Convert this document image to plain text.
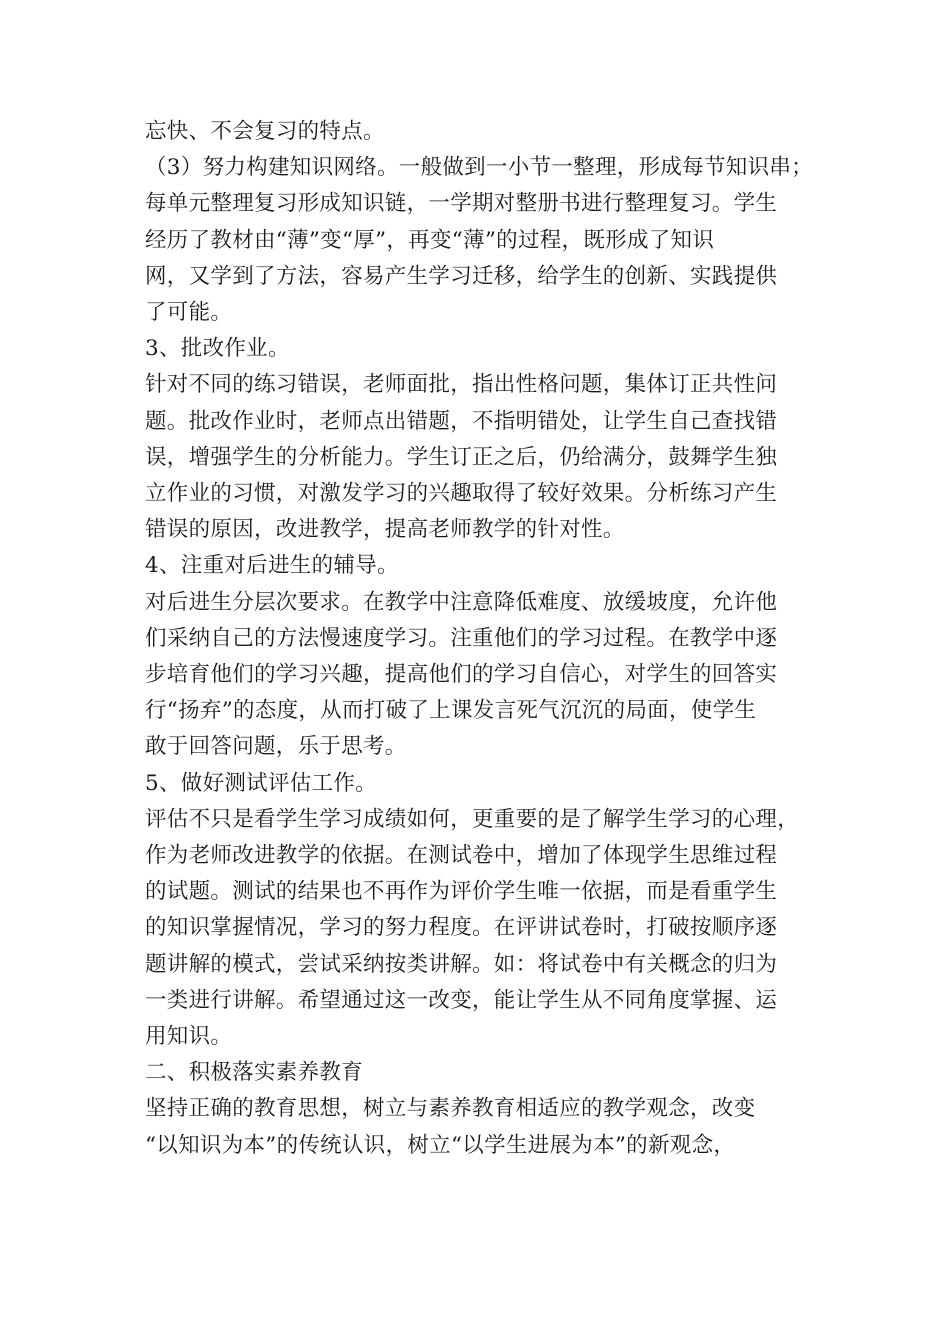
忘快、不会复习的特点。

（3）努力构建知识网络。一般做到一小节一整理，形成每节知识串；

每单元整理复习形成知识链，一学期对整册书进行整理复习。学生

经历了教材由“薄”变“厚”，再变“薄”的过程，既形成了知识

网，又学到了方法，容易产生学习迁移，给学生的创新、实践提供

了可能。

3、批改作业。

针对不同的练习错误，老师面批，指出性格问题，集体订正共性问

题。批改作业时，老师点出错题，不指明错处，让学生自己查找错

误，增强学生的分析能力。学生订正之后，仍给满分，鼓舞学生独

立作业的习惯，对激发学习的兴趣取得了较好效果。分析练习产生

错误的原因，改进教学，提高老师教学的针对性。

4、注重对后进生的辅导。

对后进生分层次要求。在教学中注意降低难度、放缓坡度，允许他

们采纳自己的方法慢速度学习。注重他们的学习过程。在教学中逐

步培育他们的学习兴趣，提高他们的学习自信心，对学生的回答实

行“扬弃”的态度，从而打破了上课发言死气沉沉的局面，使学生

敢于回答问题，乐于思考。

5、做好测试评估工作。

评估不只是看学生学习成绩如何，更重要的是了解学生学习的心理，

作为老师改进教学的依据。在测试卷中，增加了体现学生思维过程

的试题。测试的结果也不再作为评价学生唯一依据，而是看重学生

的知识掌握情况，学习的努力程度。在评讲试卷时，打破按顺序逐

题讲解的模式，尝试采纳按类讲解。如：将试卷中有关概念的归为

一类进行讲解。希望通过这一改变，能让学生从不同角度掌握、运

用知识。

二、积极落实素养教育

坚持正确的教育思想，树立与素养教育相适应的教学观念，改变

“以知识为本”的传统认识，树立“以学生进展为本”的新观念，
